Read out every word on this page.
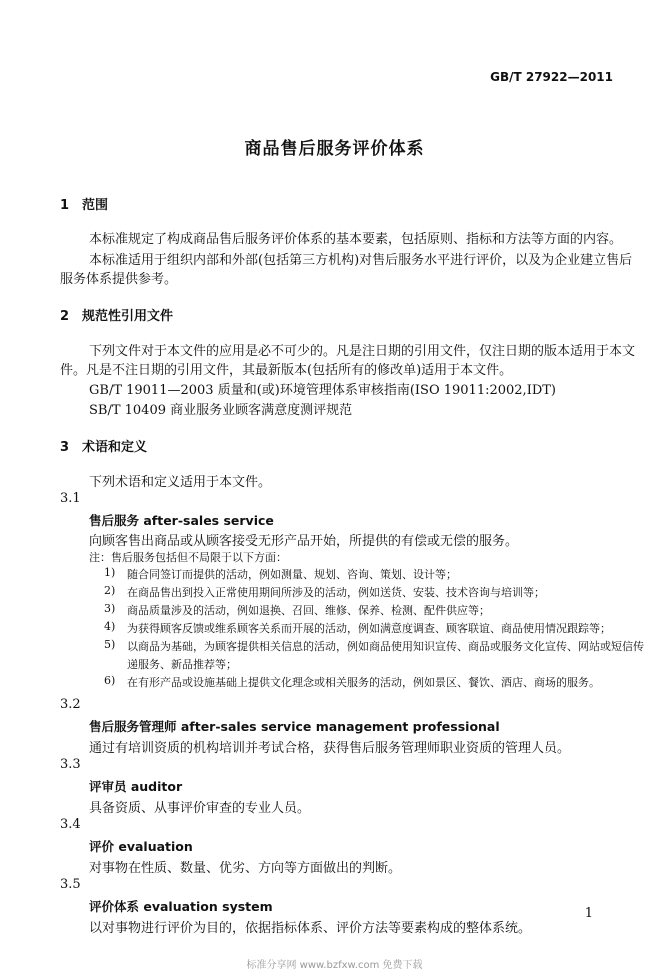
GB/T 27922—2011
商品售后服务评价体系
1 范围
本标准规定了构成商品售后服务评价体系的基本要素，包括原则、指标和方法等方面的内容。
本标准适用于组织内部和外部(包括第三方机构)对售后服务水平进行评价，以及为企业建立售后
服务体系提供参考。
2 规范性引用文件
下列文件对于本文件的应用是必不可少的。凡是注日期的引用文件，仅注日期的版本适用于本文
件。凡是不注日期的引用文件，其最新版本(包括所有的修改单)适用于本文件。
GB/T 19011—2003 质量和(或)环境管理体系审核指南(ISO 19011:2002,IDT)
SB/T 10409 商业服务业顾客满意度测评规范
3 术语和定义
下列术语和定义适用于本文件。
3.1
售后服务 after-sales service
向顾客售出商品或从顾客接受无形产品开始，所提供的有偿或无偿的服务。
注：售后服务包括但不局限于以下方面：
1) 随合同签订而提供的活动，例如测量、规划、咨询、策划、设计等；
2) 在商品售出到投入正常使用期间所涉及的活动，例如送货、安装、技术咨询与培训等；
3) 商品质量涉及的活动，例如退换、召回、维修、保养、检测、配件供应等；
4) 为获得顾客反馈或维系顾客关系而开展的活动，例如满意度调查、顾客联谊、商品使用情况跟踪等；
5) 以商品为基础，为顾客提供相关信息的活动，例如商品使用知识宣传、商品或服务文化宣传、网站或短信传
递服务、新品推荐等；
6) 在有形产品或设施基础上提供文化理念或相关服务的活动，例如景区、餐饮、酒店、商场的服务。
3.2
售后服务管理师 after-sales service management professional
通过有培训资质的机构培训并考试合格，获得售后服务管理师职业资质的管理人员。
3.3
评审员 auditor
具备资质、从事评价审查的专业人员。
3.4
评价 evaluation
对事物在性质、数量、优劣、方向等方面做出的判断。
3.5
评价体系 evaluation system
以对事物进行评价为目的，依据指标体系、评价方法等要素构成的整体系统。
1
标准分享网 www.bzfxw.com 免费下载
